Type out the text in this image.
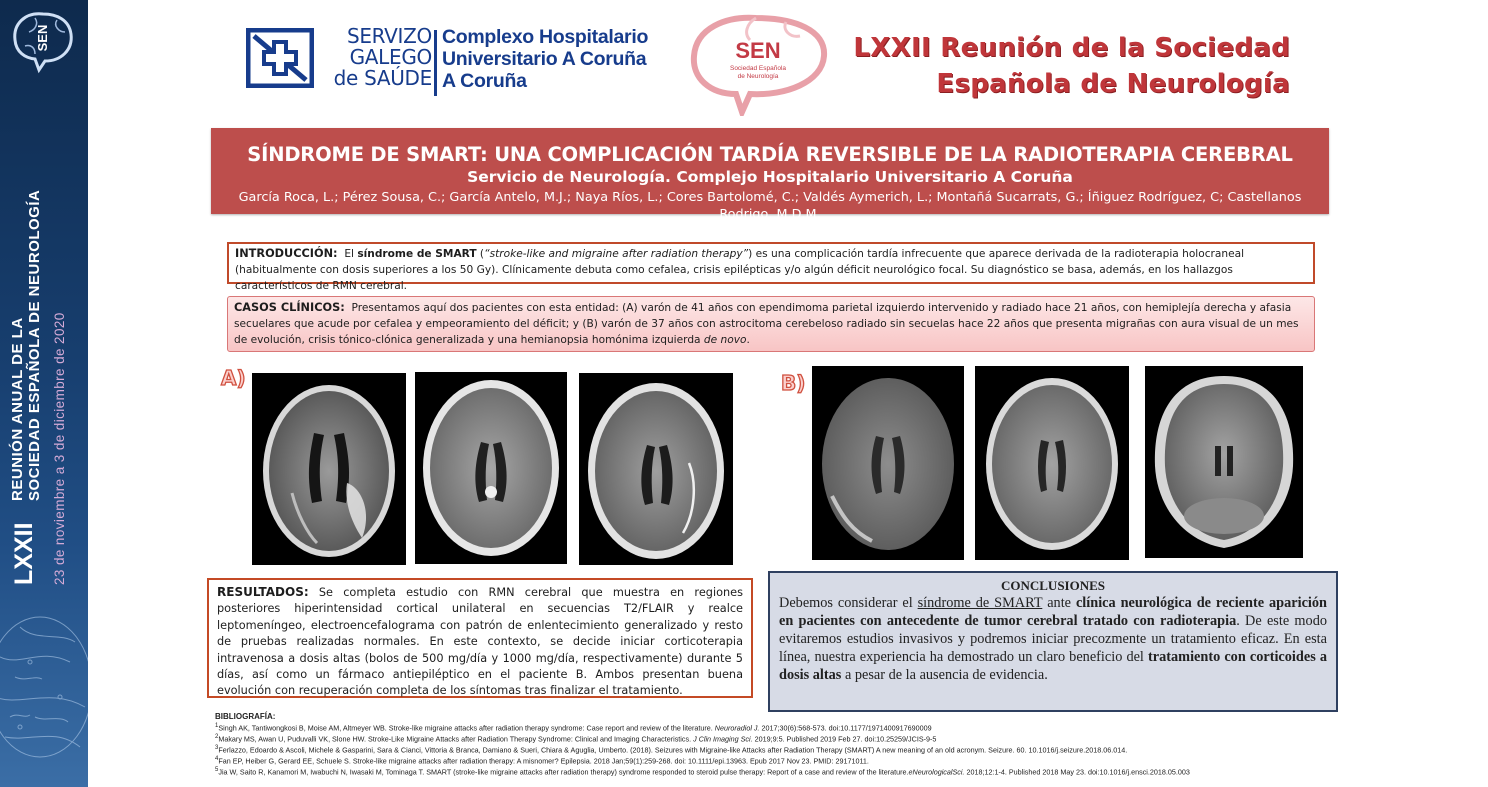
SEN
LXXII
REUNIÓN ANUAL DE LA SOCIEDAD ESPAÑOLA DE NEUROLOGÍA 23 de noviembre a 3 de diciembre de 2020
SERVIZO
GALEGO
de SAÚDE
Complexo Hospitalario
Universitario A Coruña
A Coruña
SEN
Sociedad Española
de Neurología
LXXII Reunión de la Sociedad
Española de Neurología
SÍNDROME DE SMART: UNA COMPLICACIÓN TARDÍA REVERSIBLE DE LA RADIOTERAPIA CEREBRAL
Servicio de Neurología. Complejo Hospitalario Universitario A Coruña
García Roca, L.; Pérez Sousa, C.; García Antelo, M.J.; Naya Ríos, L.; Cores Bartolomé, C.; Valdés Aymerich, L.; Montañá Sucarrats, G.; Íñiguez Rodríguez, C; Castellanos Rodrigo, M.D.M.
INTRODUCCIÓN: El síndrome de SMART (“stroke-like and migraine after radiation therapy”) es una complicación tardía infrecuente que aparece derivada de la radioterapia holocraneal (habitualmente con dosis superiores a los 50 Gy). Clínicamente debuta como cefalea, crisis epilépticas y/o algún déficit neurológico focal. Su diagnóstico se basa, además, en los hallazgos característicos de RMN cerebral.
CASOS CLÍNICOS: Presentamos aquí dos pacientes con esta entidad: (A) varón de 41 años con ependimoma parietal izquierdo intervenido y radiado hace 21 años, con hemiplejía derecha y afasia secuelares que acude por cefalea y empeoramiento del déficit; y (B) varón de 37 años con astrocitoma cerebeloso radiado sin secuelas hace 22 años que presenta migrañas con aura visual de un mes de evolución, crisis tónico-clónica generalizada y una hemianopsia homónima izquierda de novo.
A)	B)
RESULTADOS: Se completa estudio con RMN cerebral que muestra en regiones posteriores hiperintensidad cortical unilateral en secuencias T2/FLAIR y realce leptomeníngeo, electroencefalograma con patrón de enlentecimiento generalizado y resto de pruebas realizadas normales. En este contexto, se decide iniciar corticoterapia intravenosa a dosis altas (bolos de 500 mg/día y 1000 mg/día, respectivamente) durante 5 días, así como un fármaco antiepiléptico en el paciente B. Ambos presentan buena evolución con recuperación completa de los síntomas tras finalizar el tratamiento.
CONCLUSIONES
Debemos considerar el síndrome de SMART ante clínica neurológica de reciente aparición en pacientes con antecedente de tumor cerebral tratado con radioterapia. De este modo evitaremos estudios invasivos y podremos iniciar precozmente un tratamiento eficaz. En esta línea, nuestra experiencia ha demostrado un claro beneficio del tratamiento con corticoides a dosis altas a pesar de la ausencia de evidencia.
BIBLIOGRAFÍA:
$^1$Singh AK, Tantiwongkosi B, Moise AM, Altmeyer WB. Stroke-like migraine attacks after radiation therapy syndrome: Case report and review of the literature. Neuroradiol J. 2017;30(6):568-573. doi:10.1177/1971400917690009
$^2$Makary MS, Awan U, Puduvalli VK, Slone HW. Stroke-Like Migraine Attacks after Radiation Therapy Syndrome: Clinical and Imaging Characteristics. J Clin Imaging Sci. 2019;9:5. Published 2019 Feb 27. doi:10.25259/JCIS-9-5
$^3$Ferlazzo, Edoardo & Ascoli, Michele & Gasparini, Sara & Cianci, Vittoria & Branca, Damiano & Sueri, Chiara & Aguglia, Umberto. (2018). Seizures with Migraine-like Attacks after Radiation Therapy (SMART) A new meaning of an old acronym. Seizure. 60. 10.1016/j.seizure.2018.06.014.
$^4$Fan EP, Heiber G, Gerard EE, Schuele S. Stroke-like migraine attacks after radiation therapy: A misnomer? Epilepsia. 2018 Jan;59(1):259-268. doi: 10.1111/epi.13963. Epub 2017 Nov 23. PMID: 29171011.
$^5$Jia W, Saito R, Kanamori M, Iwabuchi N, Iwasaki M, Tominaga T. SMART (stroke-like migraine attacks after radiation therapy) syndrome responded to steroid pulse therapy: Report of a case and review of the literature.eNeurologicalSci. 2018;12:1-4. Published 2018 May 23. doi:10.1016/j.ensci.2018.05.003
